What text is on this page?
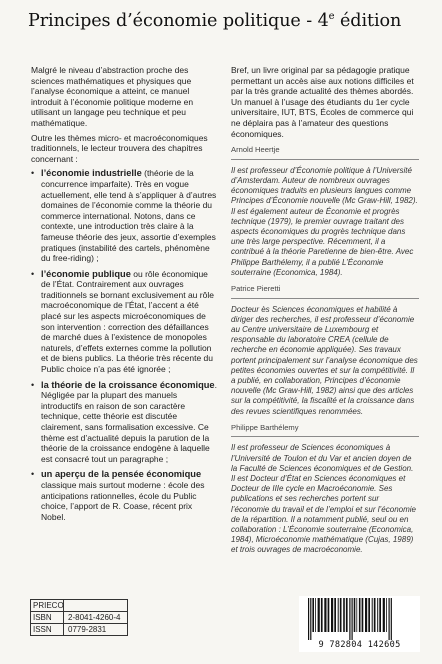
Principes d’économie politique - 4e édition

Malgré le niveau d’abstraction proche des sciences mathématiques et physiques que l’analyse économique a atteint, ce manuel introduit à l’économie politique moderne en utilisant un langage peu technique et peu mathématique.

Outre les thèmes micro- et macroéconomiques traditionnels, le lecteur trouvera des chapitres concernant :

• l’économie industrielle (théorie de la concurrence imparfaite). Très en vogue actuellement, elle tend à s’appliquer à d’autres domaines de l’économie comme la théorie du commerce international. Notons, dans ce contexte, une introduction très claire à la fameuse théorie des jeux, assortie d’exemples pratiques (instabilité des cartels, phénomène du free-riding) ;
• l’économie publique ou rôle économique de l’État. Contrairement aux ouvrages traditionnels se bornant exclusivement au rôle macroéconomique de l’État, l’accent a été placé sur les aspects microéconomiques de son intervention : correction des défaillances de marché dues à l’existence de monopoles naturels, d’effets externes comme la pollution et de biens publics. La théorie très récente du Public choice n’a pas été ignorée ;
• la théorie de la croissance économique. Négligée par la plupart des manuels introductifs en raison de son caractère technique, cette théorie est discutée clairement, sans formalisation excessive. Ce thème est d’actualité depuis la parution de la théorie de la croissance endogène à laquelle est consacré tout un paragraphe ;
• un aperçu de la pensée économique classique mais surtout moderne : école des anticipations rationnelles, école du Public choice, l’apport de R. Coase, récent prix Nobel.

Bref, un livre original par sa pédagogie pratique permettant un accès aise aux notions difficiles et par la très grande actualité des thèmes abordés. Un manuel à l’usage des étudiants du 1er cycle universitaire, IUT, BTS, Écoles de commerce qui ne déplaira pas à l’amateur des questions économiques.

Arnold Heertje
Il est professeur d’Économie politique à l’Université d’Amsterdam. Auteur de nombreux ouvrages économiques traduits en plusieurs langues comme Principes d’Économie nouvelle (Mc Graw-Hill, 1982). Il est également auteur de Économie et progrès technique (1979), le premier ouvrage traitant des aspects économiques du progrès technique dans une très large perspective. Récemment, il a contribué à la théorie Paretienne de bien-être. Avec Philippe Barthélemy, il a publié L’Économie souterraine (Economica, 1984).
Patrice Pieretti
Docteur ès Sciences économiques et habilité à diriger des recherches, il est professeur d’économie au Centre universitaire de Luxembourg et responsable du laboratoire CREA (cellule de recherche en économie appliquée). Ses travaux portent principalement sur l’analyse économique des petites économies ouvertes et sur la compétitivité. Il a publié, en collaboration, Principes d’économie nouvelle (Mc Graw-Hill, 1982) ainsi que des articles sur la compétitivité, la fiscalité et la croissance dans des revues scientifiques renommées.
Philippe Barthélemy
Il est professeur de Sciences économiques à l’Université de Toulon et du Var et ancien doyen de la Faculté de Sciences économiques et de Gestion. Il est Docteur d’État en Sciences économiques et Docteur de IIIe cycle en Macroéconomie. Ses publications et ses recherches portent sur l’économie du travail et de l’emploi et sur l’économie de la répartition. Il a notamment publié, seul ou en collaboration : L’Économie souterraine (Economica, 1984), Microéconomie mathématique (Cujas, 1989) et trois ouvrages de macroéconomie.
PRIECO
ISBN	2-8041-4260-4
ISSN	0779-2831
9 782804 142605
